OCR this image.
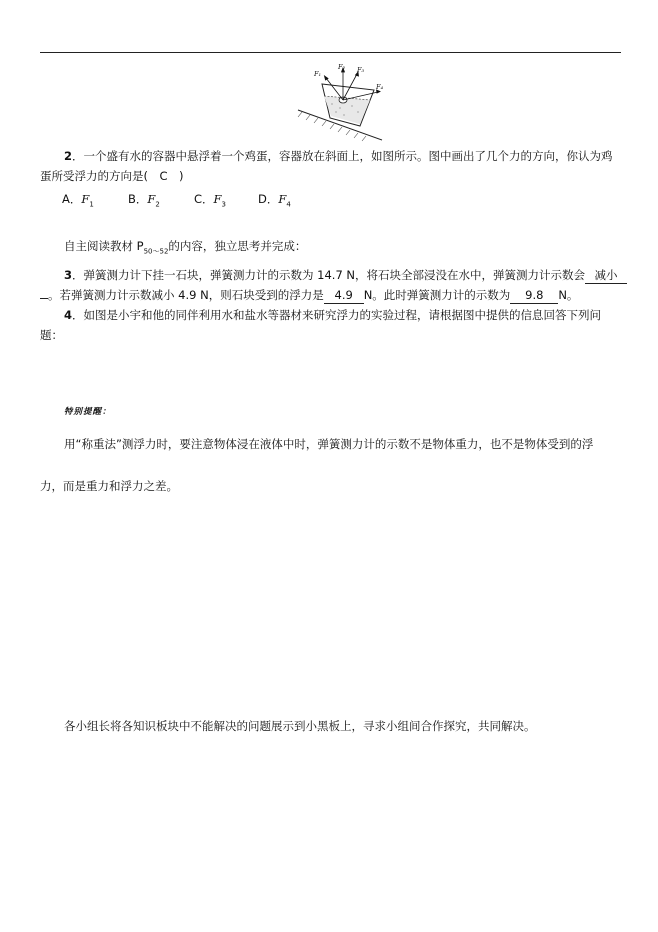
F₁
F₂ F₃
F₄
2．一个盛有水的容器中悬浮着一个鸡蛋，容器放在斜面上，如图所示。图中画出了几个力的方向，你认为鸡
蛋所受浮力的方向是(　C　)
A．$F_1$	B．$F_2$	C．$F_3$	D．$F_4$
自主阅读教材 $P_{50\sim 52}$的内容，独立思考并完成：
3．弹簧测力计下挂一石块，弹簧测力计的示数为 14.7 N，将石块全部浸没在水中，弹簧测力计示数会 减小
。若弹簧测力计示数减小 4.9 N，则石块受到的浮力是 4.9 N。此时弹簧测力计的示数为 9.8 N。
4．如图是小宇和他的同伴利用水和盐水等器材来研究浮力的实验过程，请根据图中提供的信息回答下列问
题：
特别提醒：
用“称重法”测浮力时，要注意物体浸在液体中时，弹簧测力计的示数不是物体重力，也不是物体受到的浮
力，而是重力和浮力之差。
各小组长将各知识板块中不能解决的问题展示到小黑板上，寻求小组间合作探究，共同解决。
